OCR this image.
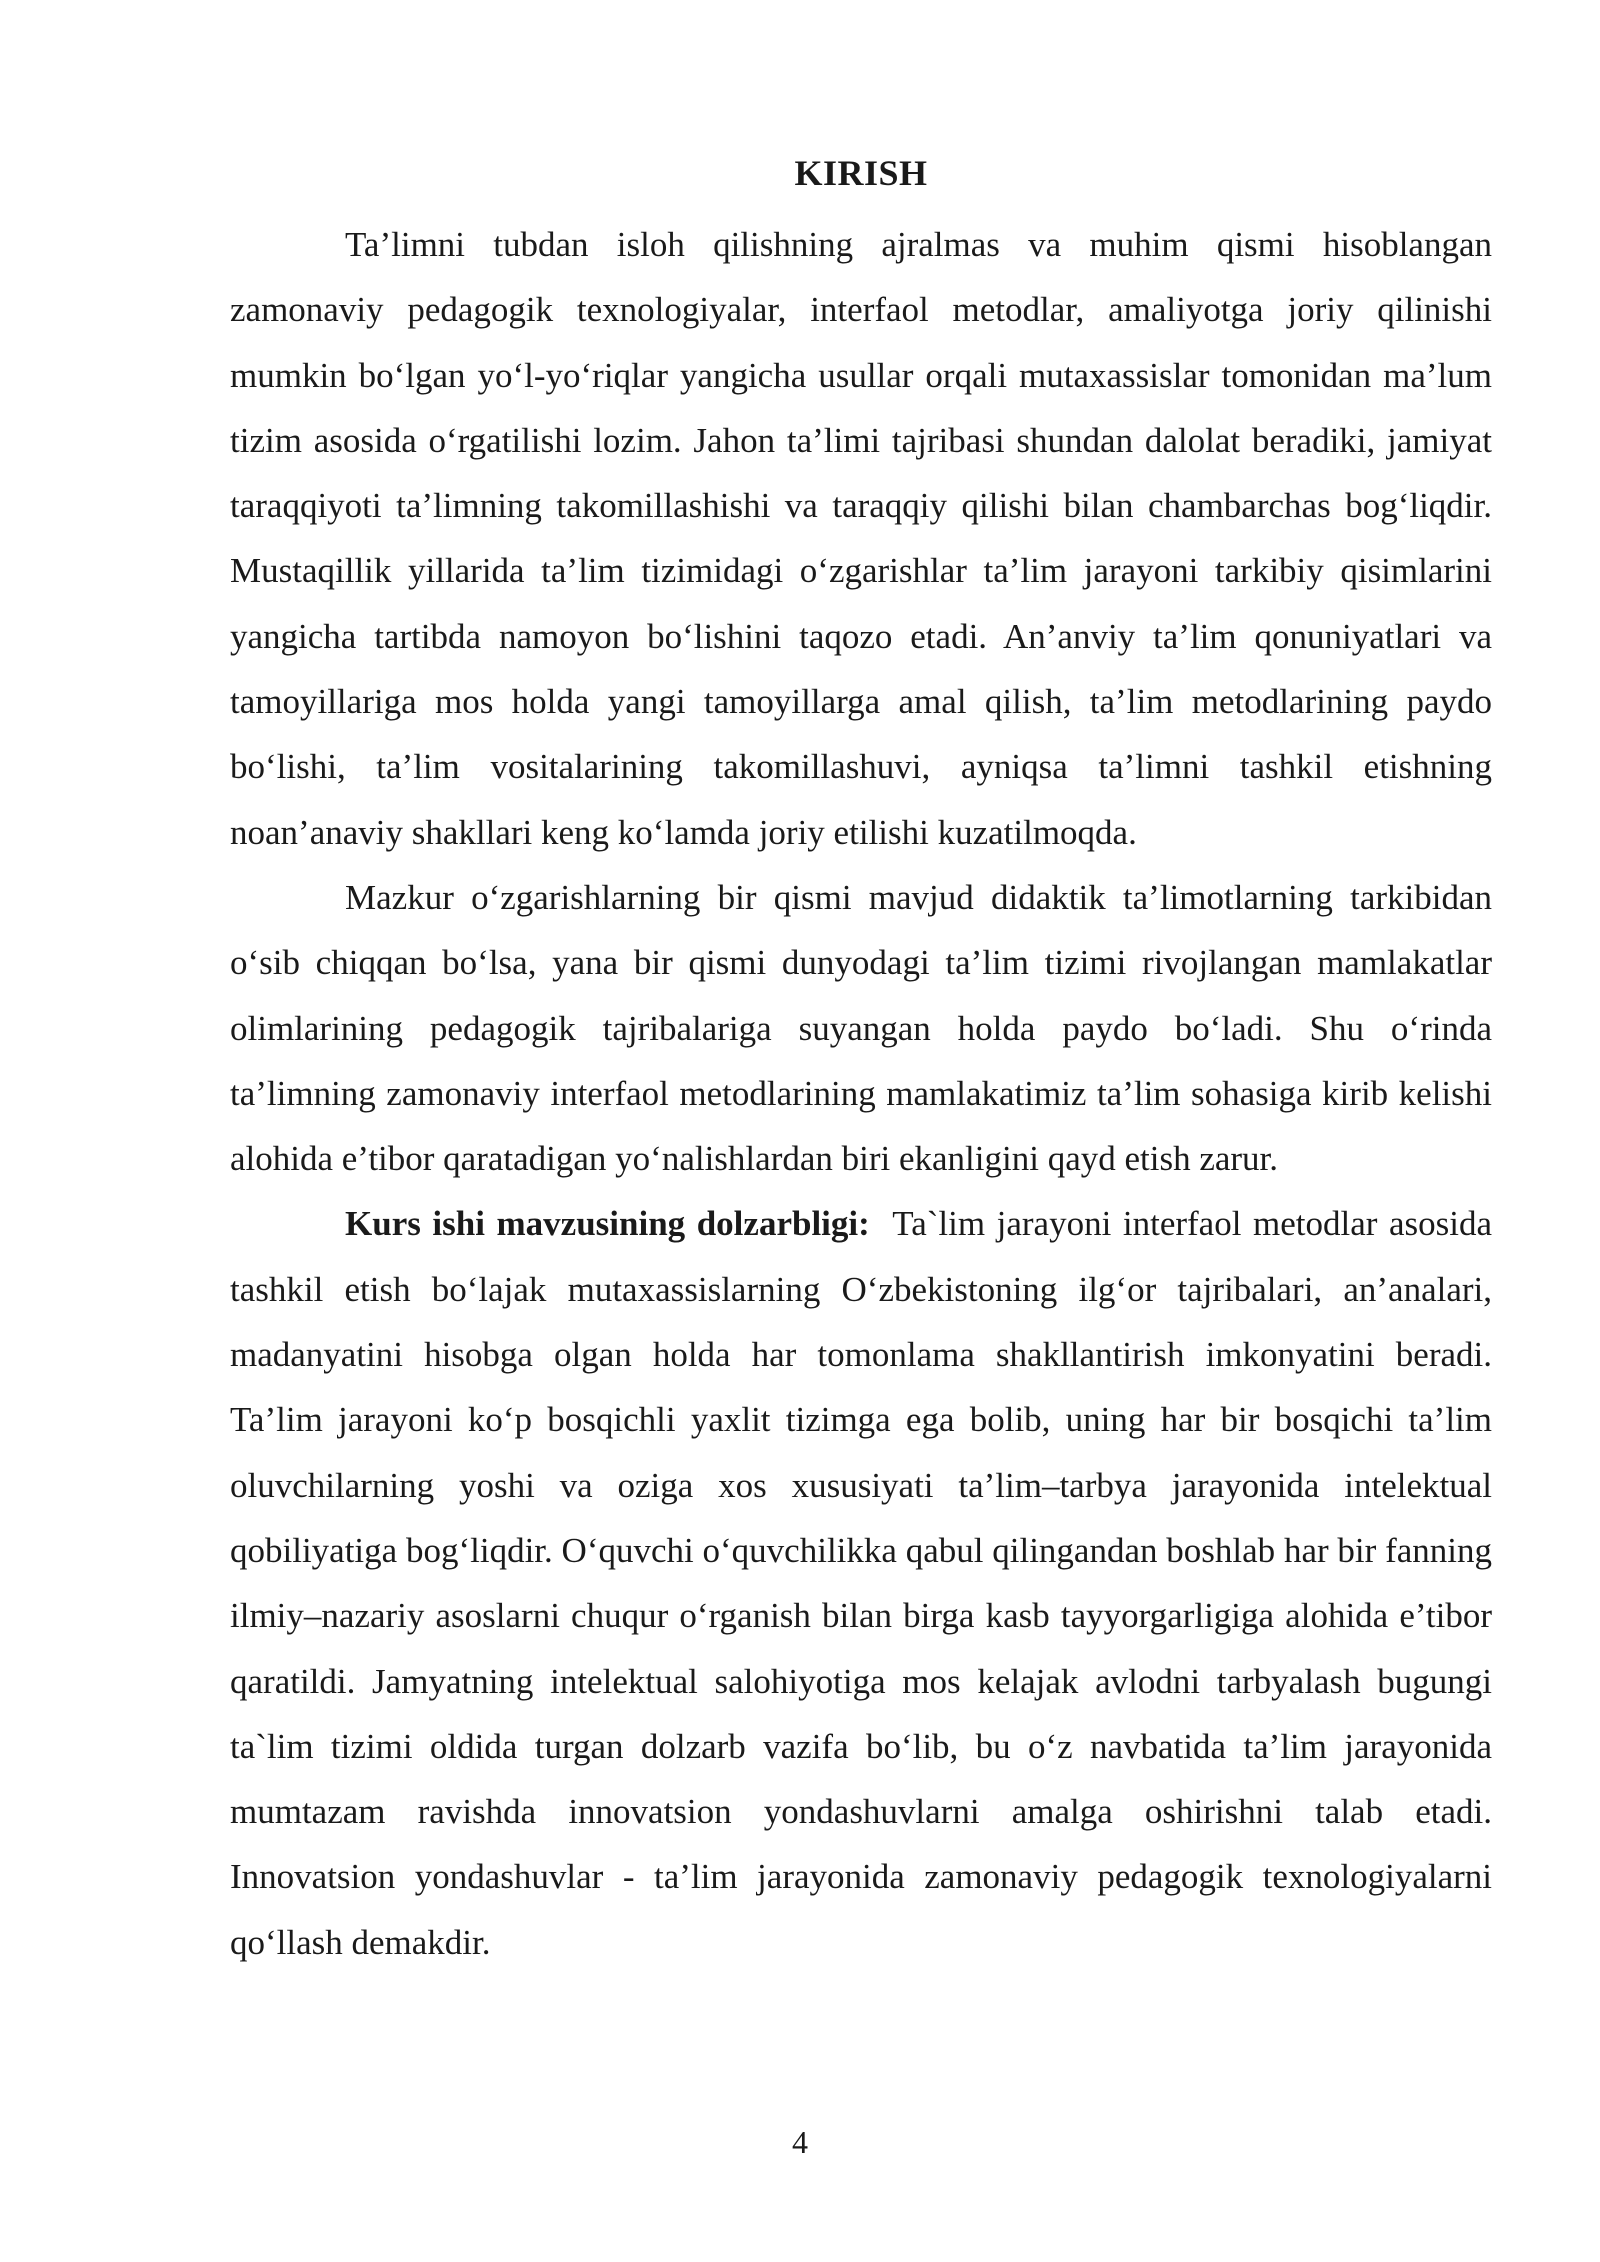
KIRISH

Ta’limni tubdan isloh qilishning ajralmas va muhim qismi hisoblangan zamonaviy pedagogik texnologiyalar, interfaol metodlar, amaliyotga joriy qilinishi mumkin bo‘lgan yo‘l-yo‘riqlar yangicha usullar orqali mutaxassislar tomonidan ma’lum tizim asosida o‘rgatilishi lozim. Jahon ta’limi tajribasi shundan dalolat beradiki, jamiyat taraqqiyoti ta’limning takomillashishi va taraqqiy qilishi bilan chambarchas bog‘liqdir. Mustaqillik yillarida ta’lim tizimidagi o‘zgarishlar ta’lim jarayoni tarkibiy qisimlarini yangicha tartibda namoyon bo‘lishini taqozo etadi. An’anviy ta’lim qonuniyatlari va tamoyillariga mos holda yangi tamoyillarga amal qilish, ta’lim metodlarining paydo bo‘lishi, ta’lim vositalarining takomillashuvi, ayniqsa ta’limni tashkil etishning noan’anaviy shakllari keng ko‘lamda joriy etilishi kuzatilmoqda.

Mazkur o‘zgarishlarning bir qismi mavjud didaktik ta’limotlarning tarkibidan o‘sib chiqqan bo‘lsa, yana bir qismi dunyodagi ta’lim tizimi rivojlangan mamlakatlar olimlarining pedagogik tajribalariga suyangan holda paydo bo‘ladi. Shu o‘rinda ta’limning zamonaviy interfaol metodlarining mamlakatimiz ta’lim sohasiga kirib kelishi alohida e’tibor qaratadigan yo‘nalishlardan biri ekanligini qayd etish zarur.

Kurs ishi mavzusining dolzarbligi: Ta`lim jarayoni interfaol metodlar asosida tashkil etish bo‘lajak mutaxassislarning O‘zbekistoning ilg‘or tajribalari, an’analari, madanyatini hisobga olgan holda har tomonlama shakllantirish imkonyatini beradi. Ta’lim jarayoni ko‘p bosqichli yaxlit tizimga ega bolib, uning har bir bosqichi ta’lim oluvchilarning yoshi va oziga xos xususiyati ta’lim–tarbya jarayonida intelektual qobiliyatiga bog‘liqdir. O‘quvchi o‘quvchilikka qabul qilingandan boshlab har bir fanning ilmiy–nazariy asoslarni chuqur o‘rganish bilan birga kasb tayyorgarligiga alohida e’tibor qaratildi. Jamyatning intelektual salohiyotiga mos kelajak avlodni tarbyalash bugungi ta`lim tizimi oldida turgan dolzarb vazifa bo‘lib, bu o‘z navbatida ta’lim jarayonida mumtazam ravishda innovatsion yondashuvlarni amalga oshirishni talab etadi. Innovatsion yondashuvlar - ta’lim jarayonida zamonaviy pedagogik texnologiyalarni qo‘llash demakdir.

4
